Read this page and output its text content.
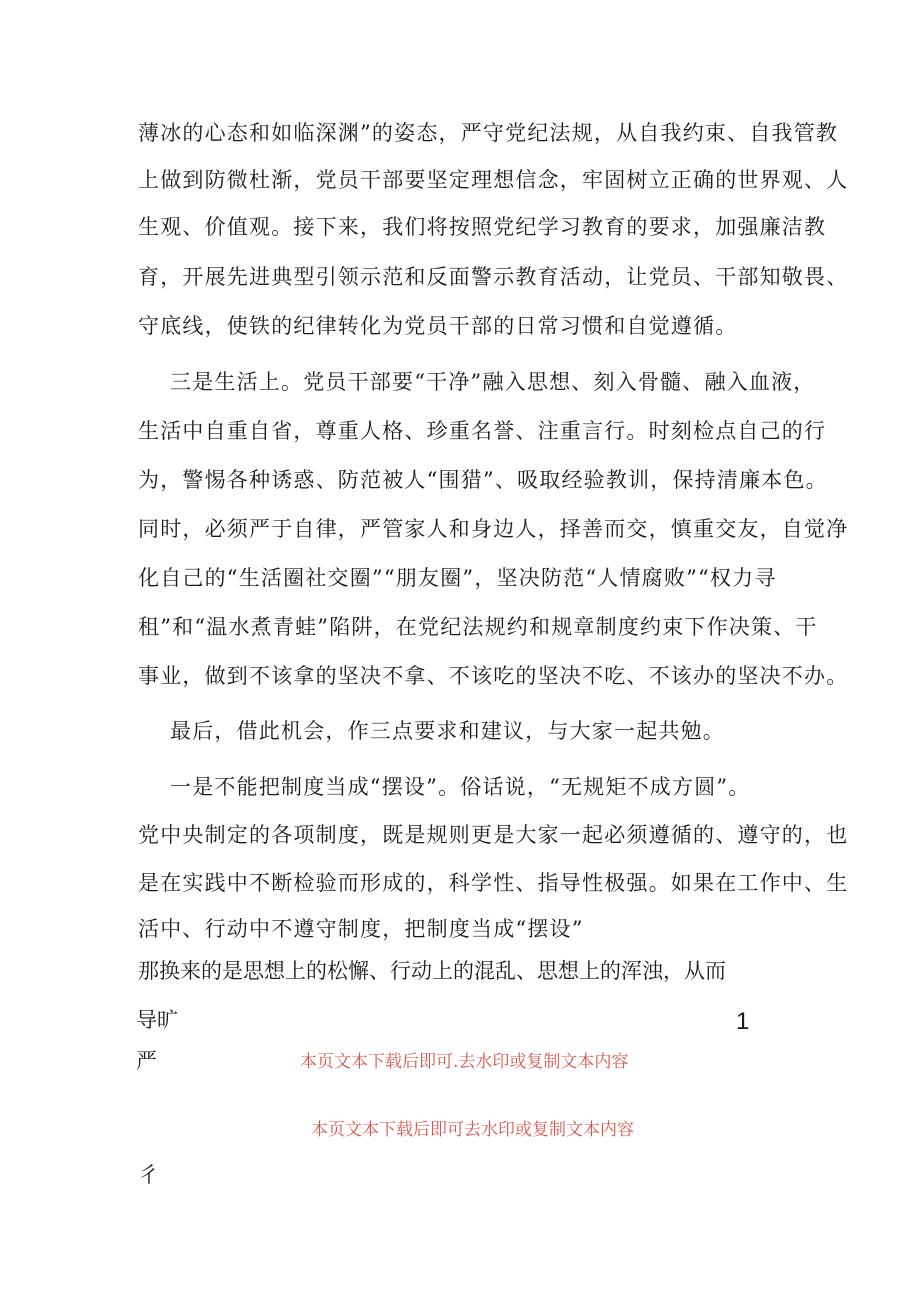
薄冰的心态和如临深渊”的姿态，严守党纪法规，从自我约束、自我管教
上做到防微杜渐，党员干部要坚定理想信念，牢固树立正确的世界观、人
生观、价值观。接下来，我们将按照党纪学习教育的要求，加强廉洁教
育，开展先进典型引领示范和反面警示教育活动，让党员、干部知敬畏、
守底线，使铁的纪律转化为党员干部的日常习惯和自觉遵循。
三是生活上。党员干部要“干净”融入思想、刻入骨髓、融入血液，
生活中自重自省，尊重人格、珍重名誉、注重言行。时刻检点自己的行
为，警惕各种诱惑、防范被人“围猎”、吸取经验教训，保持清廉本色。
同时，必须严于自律，严管家人和身边人，择善而交，慎重交友，自觉净
化自己的“生活圈社交圈”“朋友圈”，坚决防范“人情腐败”“权力寻
租”和“温水煮青蛙”陷阱，在党纪法规约和规章制度约束下作决策、干
事业，做到不该拿的坚决不拿、不该吃的坚决不吃、不该办的坚决不办。
最后，借此机会，作三点要求和建议，与大家一起共勉。
一是不能把制度当成“摆设”。俗话说，“无规矩不成方圆”。
党中央制定的各项制度，既是规则更是大家一起必须遵循的、遵守的，也
是在实践中不断检验而形成的，科学性、指导性极强。如果在工作中、生
活中、行动中不遵守制度，把制度当成“摆设”
那换来的是思想上的松懈、行动上的混乱、思想上的浑浊，从而
导旷	1
严	本页文本下载后即可.去水印或复制文本内容
本页文本下载后即可去水印或复制文本内容
彳
